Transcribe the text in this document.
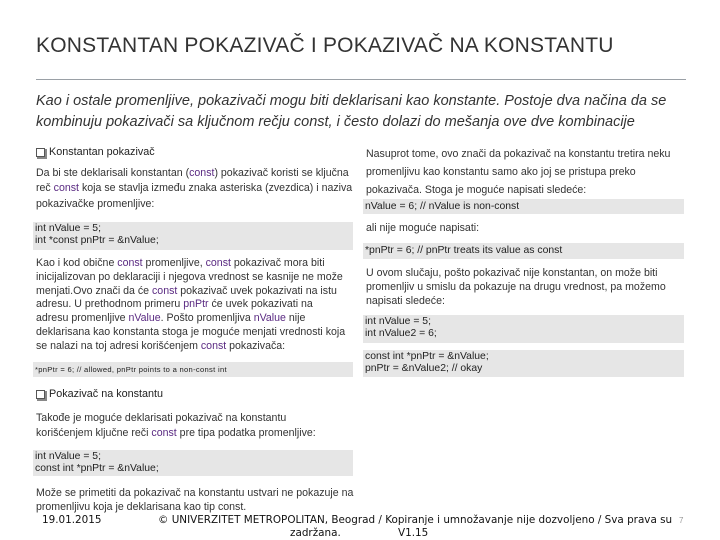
KONSTANTAN POKAZIVAČ I POKAZIVAČ NA KONSTANTU
Kao i ostale promenljive, pokazivači mogu biti deklarisani kao konstante. Postoje dva načina da se kombinuju pokazivači sa ključnom rečju const, i često dolazi do mešanja ove dve kombinacije
Konstantan pokazivač
Da bi ste deklarisali konstantan (const) pokazivač koristi se ključna reč const koja se stavlja između znaka asteriska (zvezdica) i naziva pokazivačke promenljive:
int nValue = 5;
int *const pnPtr = &nValue;
Kao i kod obične const promenljive, const pokazivač mora biti inicijalizovan po deklaraciji i njegova vrednost se kasnije ne može menjati.Ovo znači da će const pokazivač uvek pokazivati na istu adresu. U prethodnom primeru pnPtr će uvek pokazivati na adresu promenljive nValue. Pošto promenljiva nValue nije deklarisana kao konstanta stoga je moguće menjati vrednosti koja se nalazi na toj adresi korišćenjem const pokazivača:
*pnPtr = 6; // allowed, pnPtr points to a non-const int
Pokazivač na konstantu
Takođe je moguće deklarisati pokazivač na konstantu korišćenjem ključne reči const pre tipa podatka promenljive:
int nValue = 5;
const int *pnPtr = &nValue;
Može se primetiti da pokazivač na konstantu ustvari ne pokazuje na promenljivu koja je deklarisana kao tip const.
Nasuprot tome, ovo znači da pokazivač na konstantu tretira neku promenljivu kao konstantu samo ako joj se pristupa preko pokazivača. Stoga je moguće napisati sledeće:
nValue = 6; // nValue is non-const
ali nije moguće napisati:
*pnPtr = 6; // pnPtr treats its value as const
U ovom slučaju, pošto pokazivač nije konstantan, on može biti promenljiv u smislu da pokazuje na drugu vrednost, pa možemo napisati sledeće:
int nValue = 5;
int nValue2 = 6;
const int *pnPtr = &nValue;
pnPtr = &nValue2; // okay
19.01.2015	© UNIVERZITET METROPOLITAN, Beograd / Kopiranje i umnožavanje nije dozvoljeno / Sva prava su
zadržana.	V1.15
7
